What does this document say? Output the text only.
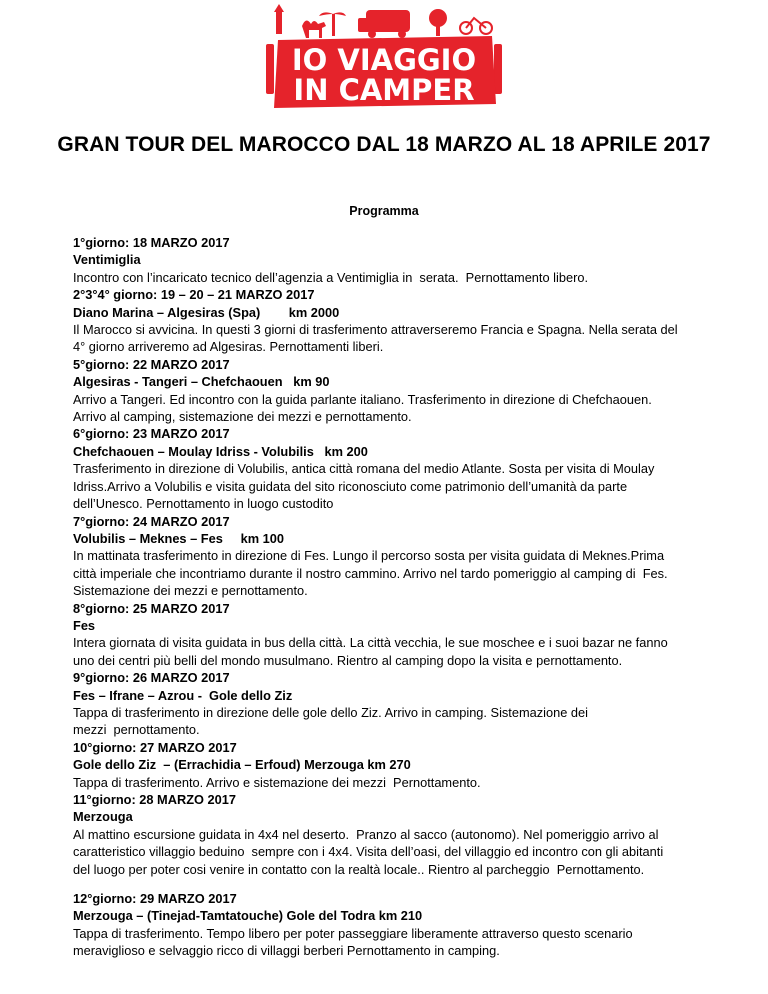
IO VIAGGIO
IN CAMPER
GRAN TOUR DEL MAROCCO DAL 18 MARZO AL 18 APRILE 2017

Programma

1°giorno: 18 MARZO 2017

Ventimiglia

Incontro con l’incaricato tecnico dell’agenzia a Ventimiglia in  serata.  Pernottamento libero.

2°3°4° giorno: 19 – 20 – 21 MARZO 2017

Diano Marina – Algesiras (Spa)        km 2000

Il Marocco si avvicina. In questi 3 giorni di trasferimento attraverseremo Francia e Spagna. Nella serata del

4° giorno arriveremo ad Algesiras. Pernottamenti liberi.

5°giorno: 22 MARZO 2017

Algesiras - Tangeri – Chefchaouen   km 90

Arrivo a Tangeri. Ed incontro con la guida parlante italiano. Trasferimento in direzione di Chefchaouen.

Arrivo al camping, sistemazione dei mezzi e pernottamento.

6°giorno: 23 MARZO 2017

Chefchaouen – Moulay Idriss - Volubilis   km 200

Trasferimento in direzione di Volubilis, antica città romana del medio Atlante. Sosta per visita di Moulay

Idriss.Arrivo a Volubilis e visita guidata del sito riconosciuto come patrimonio dell’umanità da parte

dell’Unesco. Pernottamento in luogo custodito

7°giorno: 24 MARZO 2017

Volubilis – Meknes – Fes     km 100

In mattinata trasferimento in direzione di Fes. Lungo il percorso sosta per visita guidata di Meknes.Prima

città imperiale che incontriamo durante il nostro cammino. Arrivo nel tardo pomeriggio al camping di  Fes.

Sistemazione dei mezzi e pernottamento.

8°giorno: 25 MARZO 2017

Fes

Intera giornata di visita guidata in bus della città. La città vecchia, le sue moschee e i suoi bazar ne fanno

uno dei centri più belli del mondo musulmano. Rientro al camping dopo la visita e pernottamento.

9°giorno: 26 MARZO 2017

Fes – Ifrane – Azrou -  Gole dello Ziz

Tappa di trasferimento in direzione delle gole dello Ziz. Arrivo in camping. Sistemazione dei

mezzi  pernottamento.

10°giorno: 27 MARZO 2017

Gole dello Ziz  – (Errachidia – Erfoud) Merzouga km 270

Tappa di trasferimento. Arrivo e sistemazione dei mezzi  Pernottamento.

11°giorno: 28 MARZO 2017

Merzouga

Al mattino escursione guidata in 4x4 nel deserto.  Pranzo al sacco (autonomo). Nel pomeriggio arrivo al

caratteristico villaggio beduino  sempre con i 4x4. Visita dell’oasi, del villaggio ed incontro con gli abitanti

del luogo per poter cosi venire in contatto con la realtà locale.. Rientro al parcheggio  Pernottamento.

12°giorno: 29 MARZO 2017

Merzouga – (Tinejad-Tamtatouche) Gole del Todra km 210

Tappa di trasferimento. Tempo libero per poter passeggiare liberamente attraverso questo scenario

meraviglioso e selvaggio ricco di villaggi berberi Pernottamento in camping.
